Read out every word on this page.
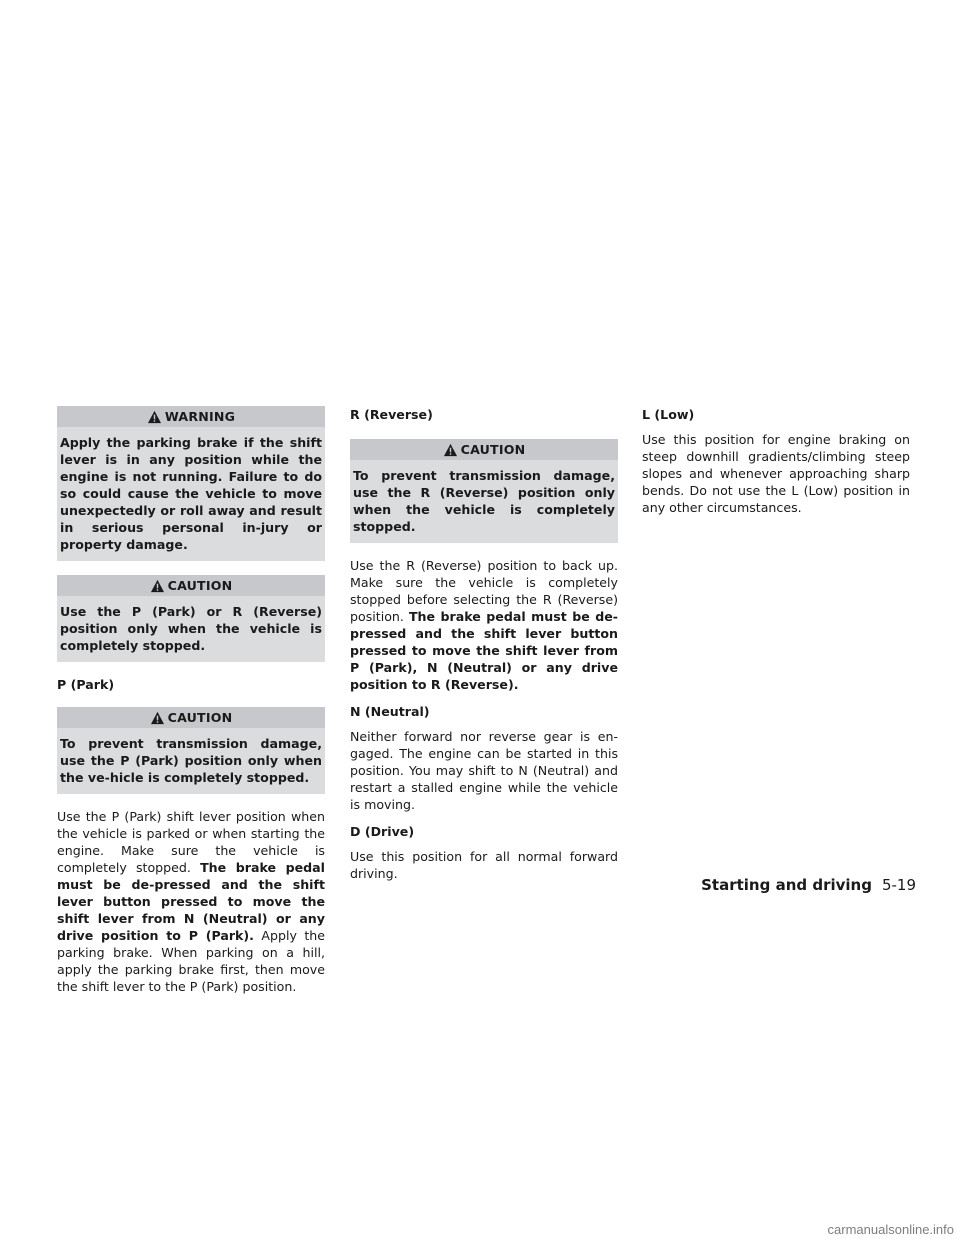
WARNING
Apply the parking brake if the shift lever is in any position while the engine is not running. Failure to do so could cause the vehicle to move unexpectedly or roll away and result in serious personal in-jury or property damage.
CAUTION
Use the P (Park) or R (Reverse) position only when the vehicle is completely stopped.
P (Park)
CAUTION
To prevent transmission damage, use the P (Park) position only when the ve-hicle is completely stopped.

Use the P (Park) shift lever position when the vehicle is parked or when starting the engine. Make sure the vehicle is completely stopped. The brake pedal must be de-pressed and the shift lever button pressed to move the shift lever from N (Neutral) or any drive position to P (Park). Apply the parking brake. When parking on a hill, apply the parking brake first, then move the shift lever to the P (Park) position.

R (Reverse)
CAUTION
To prevent transmission damage, use the R (Reverse) position only when the vehicle is completely stopped.

Use the R (Reverse) position to back up. Make sure the vehicle is completely stopped before selecting the R (Reverse) position. The brake pedal must be de-pressed and the shift lever button pressed to move the shift lever from P (Park), N (Neutral) or any drive position to R (Reverse).

N (Neutral)

Neither forward nor reverse gear is en-gaged. The engine can be started in this position. You may shift to N (Neutral) and restart a stalled engine while the vehicle is moving.

D (Drive)

Use this position for all normal forward driving.

L (Low)

Use this position for engine braking on steep downhill gradients/climbing steep slopes and whenever approaching sharp bends. Do not use the L (Low) position in any other circumstances.

Starting and driving 5-19
carmanualsonline.info
